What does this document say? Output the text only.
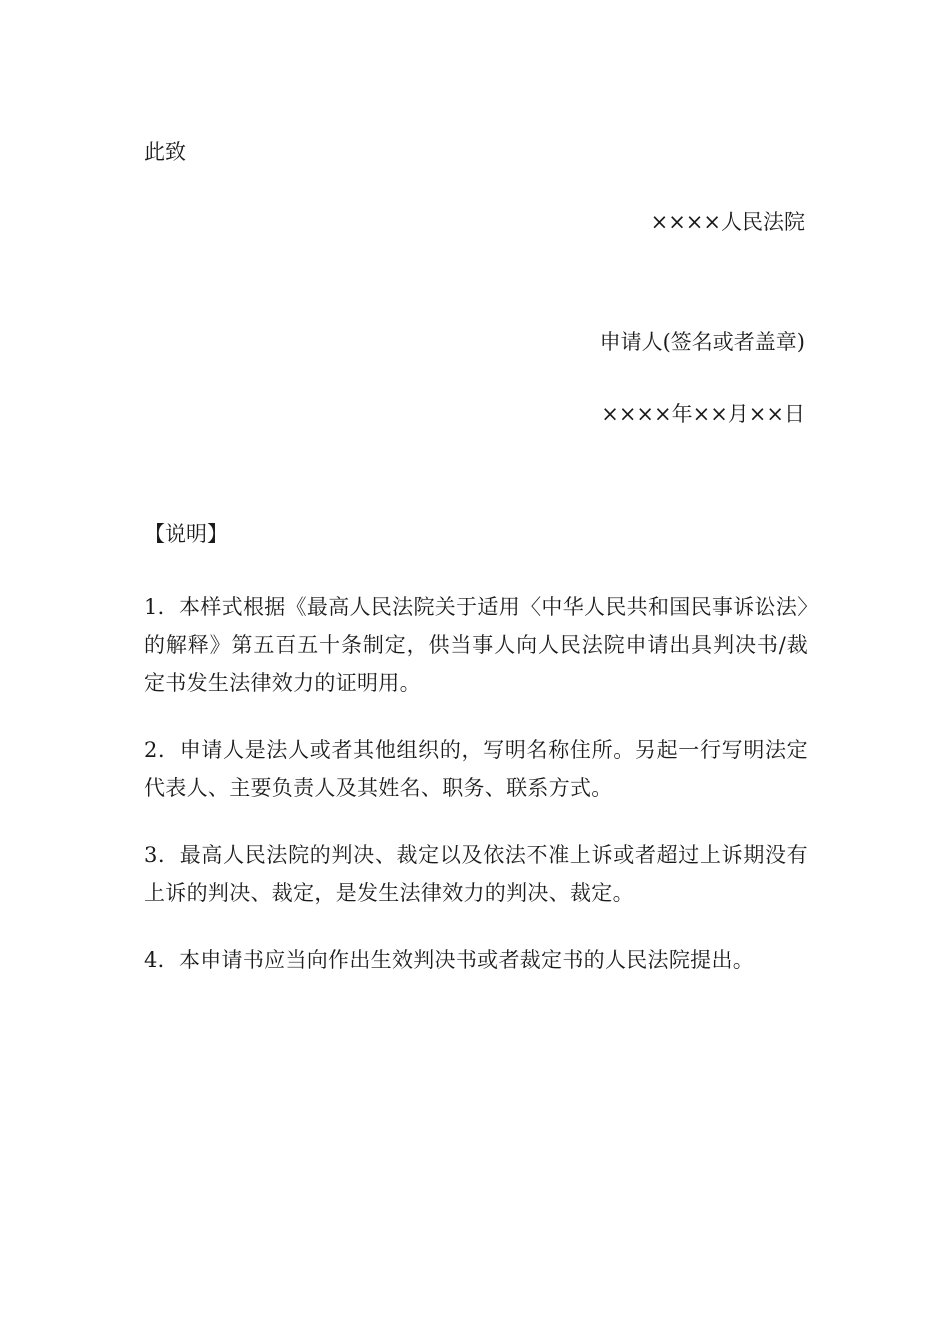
此致
××××人民法院
申请人(签名或者盖章)
××××年××月××日
【说明】

1．本样式根据《最高人民法院关于适用〈中华人民共和国民事诉讼法〉的解释》第五百五十条制定，供当事人向人民法院申请出具判决书/裁定书发生法律效力的证明用。

2．申请人是法人或者其他组织的，写明名称住所。另起一行写明法定代表人、主要负责人及其姓名、职务、联系方式。

3．最高人民法院的判决、裁定以及依法不准上诉或者超过上诉期没有上诉的判决、裁定，是发生法律效力的判决、裁定。

4．本申请书应当向作出生效判决书或者裁定书的人民法院提出。
